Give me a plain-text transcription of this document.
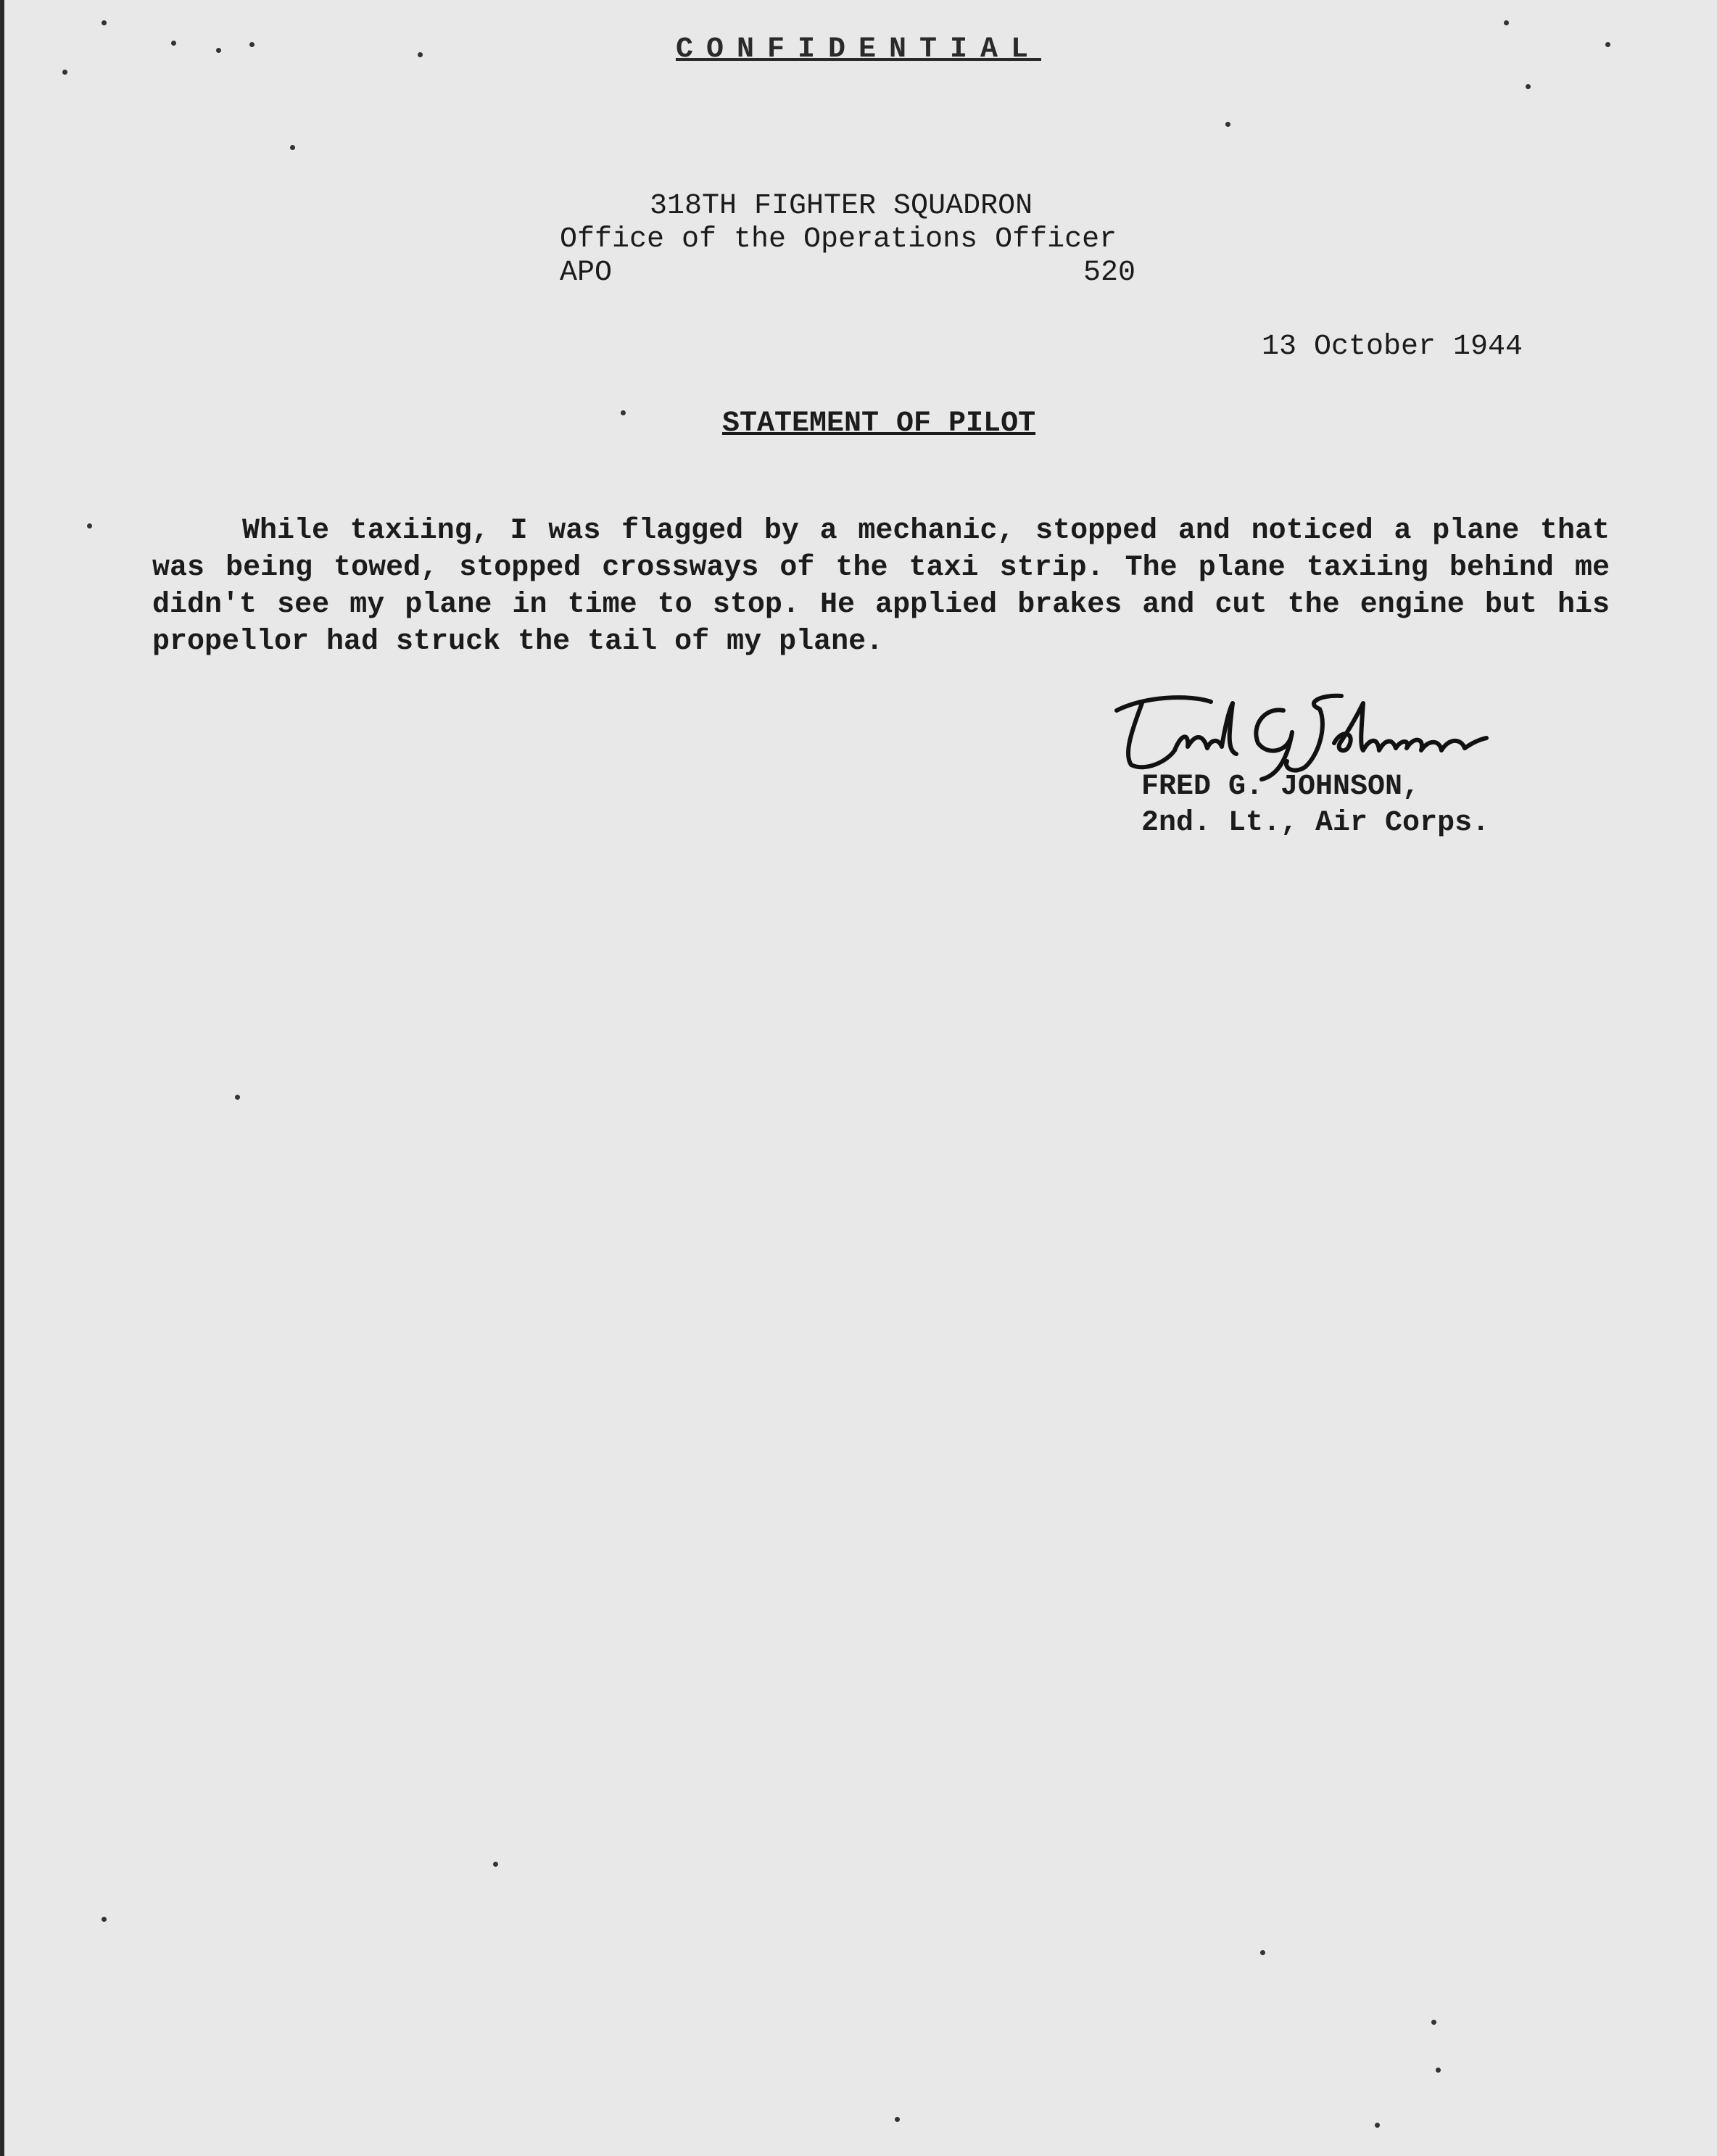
CONFIDENTIAL
318TH FIGHTER SQUADRON
Office of the Operations Officer
APO	520
13 October 1944
STATEMENT OF PILOT
While taxiing, I was flagged by a mechanic, stopped and noticed a plane that was being towed, stopped crossways of the taxi strip. The plane taxiing behind me didn't see my plane in time to stop. He applied brakes and cut the engine but his propellor had struck the tail of my plane.
FRED G. JOHNSON,
2nd. Lt., Air Corps.
